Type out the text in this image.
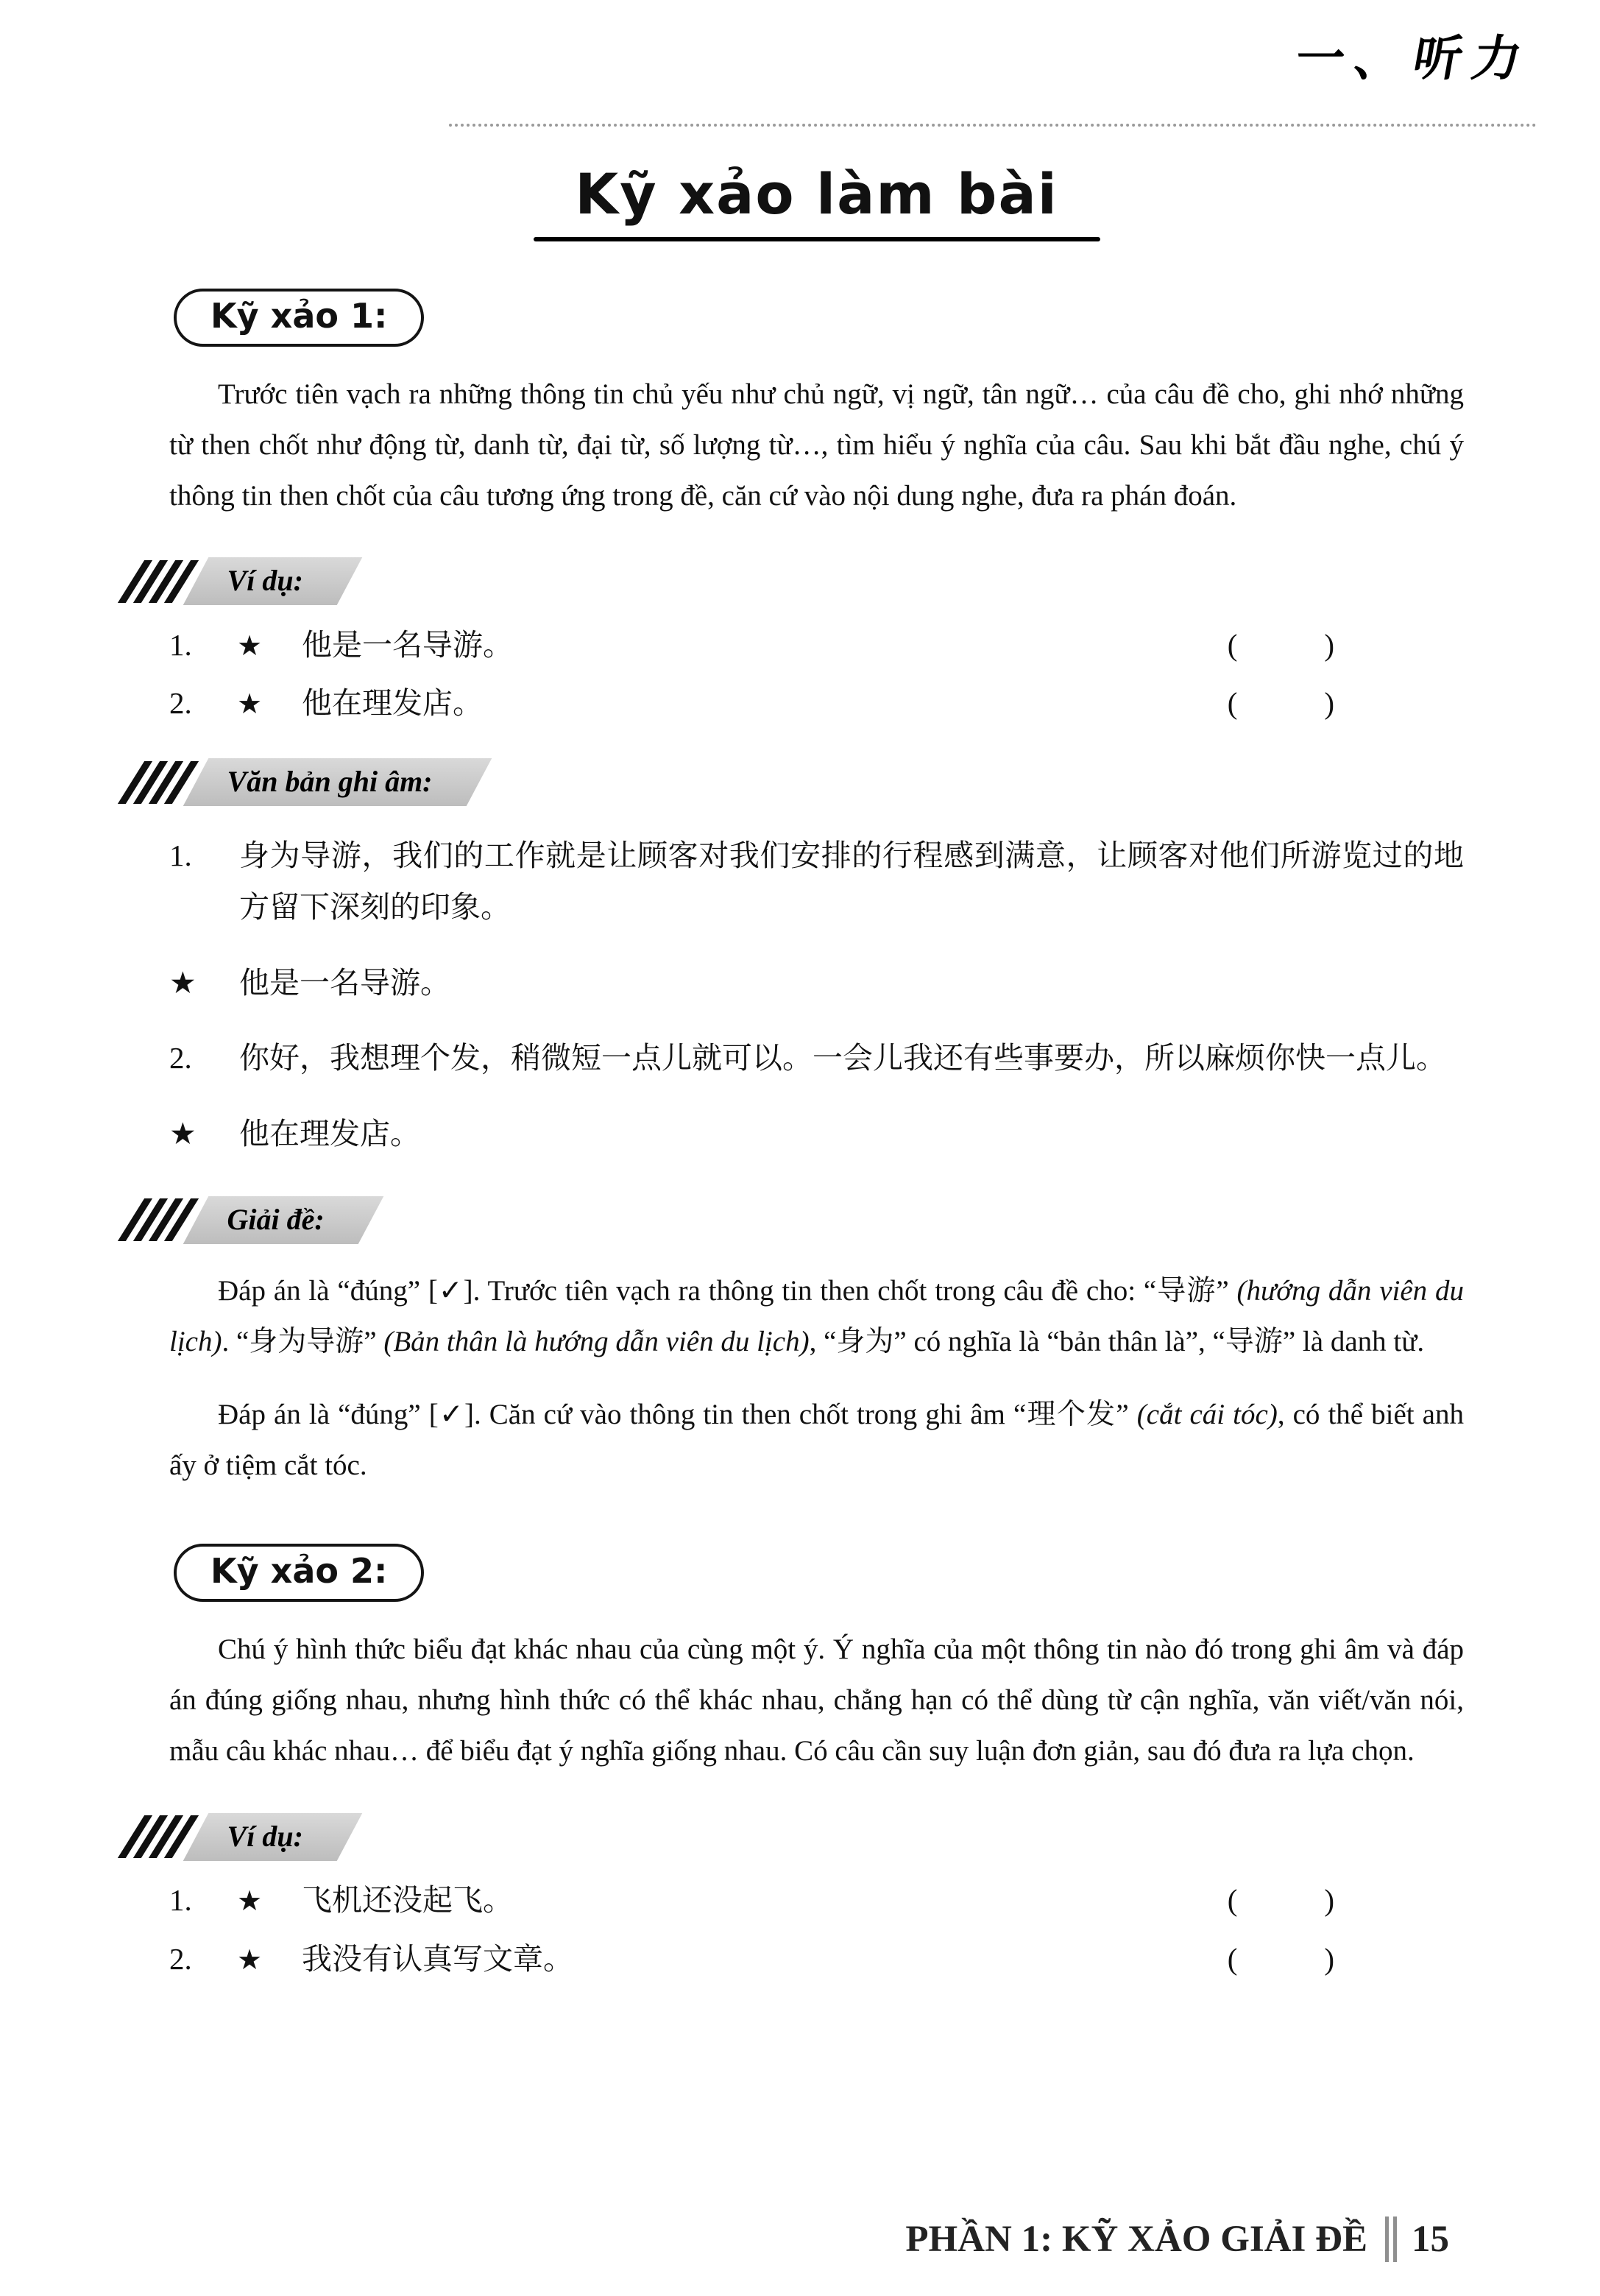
一、听力
Kỹ xảo làm bài
Kỹ xảo 1:

Trước tiên vạch ra những thông tin chủ yếu như chủ ngữ, vị ngữ, tân ngữ… của câu đề cho, ghi nhớ những từ then chốt như động từ, danh từ, đại từ, số lượng từ…, tìm hiểu ý nghĩa của câu. Sau khi bắt đầu nghe, chú ý thông tin then chốt của câu tương ứng trong đề, căn cứ vào nội dung nghe, đưa ra phán đoán.

Ví dụ:
1.	★	他是一名导游。	(        )
2.	★	他在理发店。	(        )
Văn bản ghi âm:
1.	身为导游，我们的工作就是让顾客对我们安排的行程感到满意，让顾客对他们所游览过的地方留下深刻的印象。
★	他是一名导游。
2.	你好，我想理个发，稍微短一点儿就可以。一会儿我还有些事要办，所以麻烦你快一点儿。
★	他在理发店。
Giải đề:

Đáp án là “đúng” [✓]. Trước tiên vạch ra thông tin then chốt trong câu đề cho: “导游” (hướng dẫn viên du lịch). “身为导游” (Bản thân là hướng dẫn viên du lịch), “身为” có nghĩa là “bản thân là”, “导游” là danh từ.

Đáp án là “đúng” [✓]. Căn cứ vào thông tin then chốt trong ghi âm “理个发” (cắt cái tóc), có thể biết anh ấy ở tiệm cắt tóc.

Kỹ xảo 2:

Chú ý hình thức biểu đạt khác nhau của cùng một ý. Ý nghĩa của một thông tin nào đó trong ghi âm và đáp án đúng giống nhau, nhưng hình thức có thể khác nhau, chẳng hạn có thể dùng từ cận nghĩa, văn viết/văn nói, mẫu câu khác nhau… để biểu đạt ý nghĩa giống nhau. Có câu cần suy luận đơn giản, sau đó đưa ra lựa chọn.

Ví dụ:
1.	★	飞机还没起飞。	(        )
2.	★	我没有认真写文章。	(        )
PHẦN 1: KỸ XẢO GIẢI ĐỀ 15
